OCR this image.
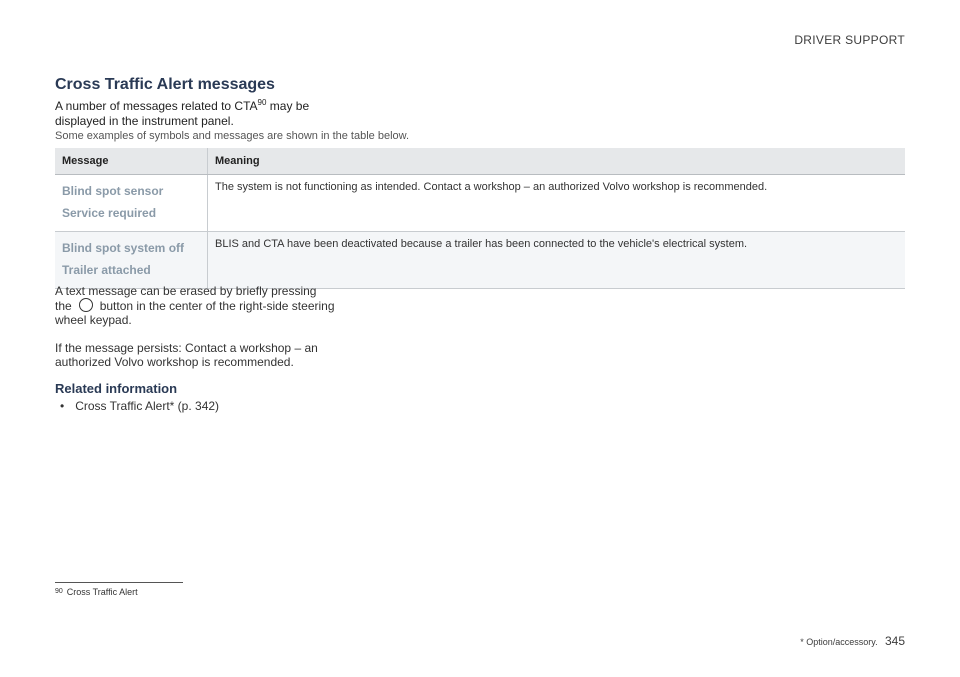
DRIVER SUPPORT
Cross Traffic Alert messages
A number of messages related to CTA$^{90}$ may be displayed in the instrument panel.
Some examples of symbols and messages are shown in the table below.
Message	Meaning

Blind spot sensor
Service required	The system is not functioning as intended. Contact a workshop – an authorized Volvo workshop is recommended.

Blind spot system off
Trailer attached	BLIS and CTA have been deactivated because a trailer has been connected to the vehicle's electrical system.
A text message can be erased by briefly pressing the button in the center of the right-side steering wheel keypad.
If the message persists: Contact a workshop – an authorized Volvo workshop is recommended.
Related information
• Cross Traffic Alert* (p. 342)
$^{90}$ Cross Traffic Alert
* Option/accessory. 345
